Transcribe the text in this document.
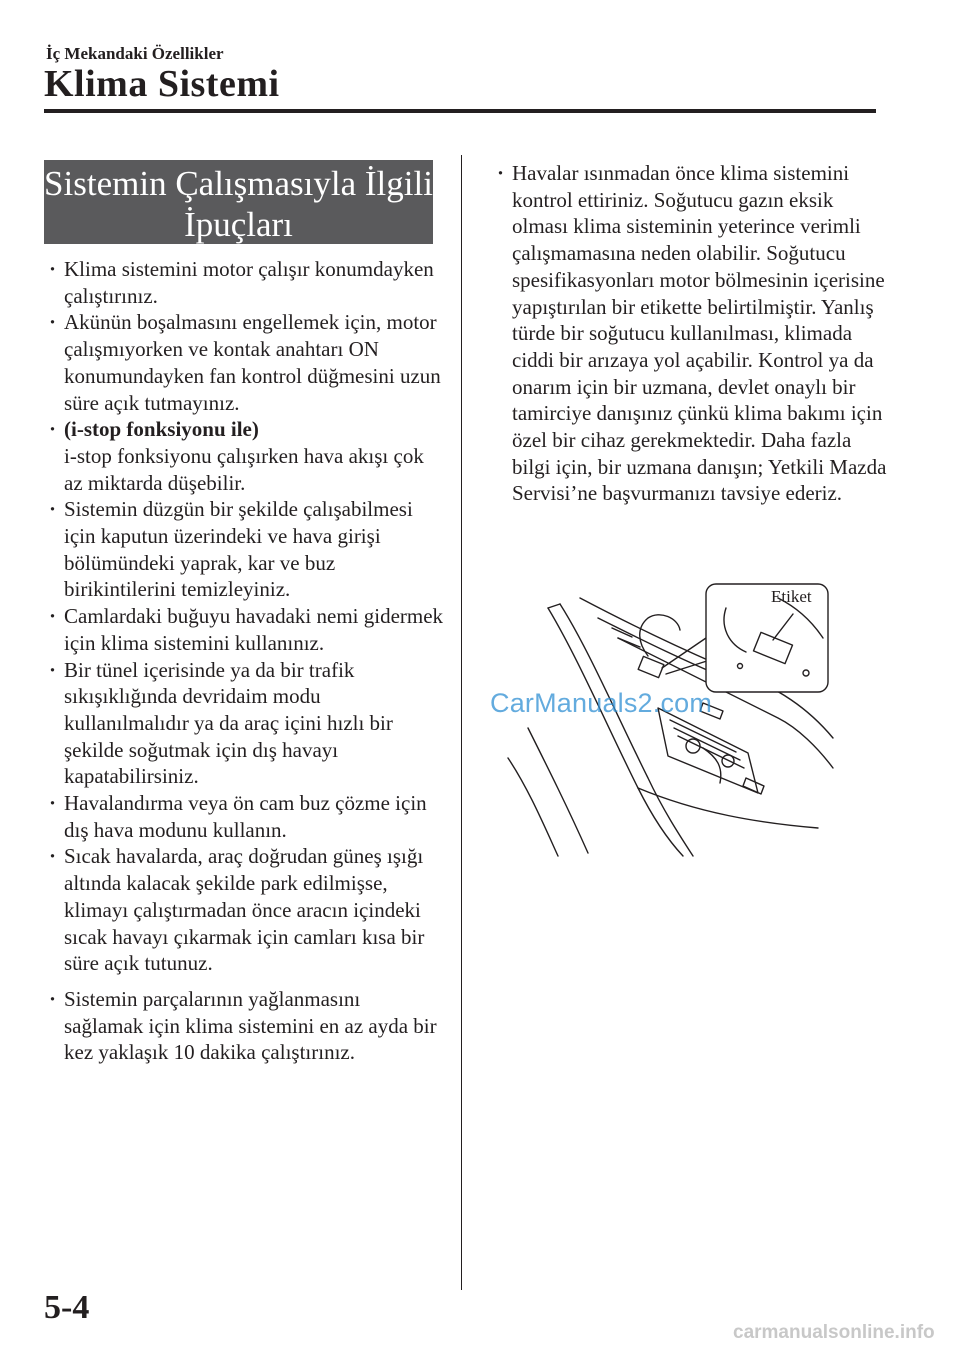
İç Mekandaki Özellikler
Klima Sistemi
Sistemin Çalışmasıyla İlgili
İpuçları
· Klima sistemini motor çalışır konumdayken çalıştırınız.
· Akünün boşalmasını engellemek için, motor çalışmıyorken ve kontak anahtarı ON konumundayken fan kontrol düğmesini uzun süre açık tutmayınız.
· (i-stop fonksiyonu ile)
i-stop fonksiyonu çalışırken hava akışı çok az miktarda düşebilir.
· Sistemin düzgün bir şekilde çalışabilmesi için kaputun üzerindeki ve hava girişi bölümündeki yaprak, kar ve buz birikintilerini temizleyiniz.
· Camlardaki buğuyu havadaki nemi gidermek için klima sistemini kullanınız.
· Bir tünel içerisinde ya da bir trafik sıkışıklığında devridaim modu kullanılmalıdır ya da araç içini hızlı bir şekilde soğutmak için dış havayı kapatabilirsiniz.
· Havalandırma veya ön cam buz çözme için dış hava modunu kullanın.
· Sıcak havalarda, araç doğrudan güneş ışığı altında kalacak şekilde park edilmişse, klimayı çalıştırmadan önce aracın içindeki sıcak havayı çıkarmak için camları kısa bir süre açık tutunuz.
· Sistemin parçalarının yağlanmasını sağlamak için klima sistemini en az ayda bir kez yaklaşık 10 dakika çalıştırınız.
· Havalar ısınmadan önce klima sistemini kontrol ettiriniz. Soğutucu gazın eksik olması klima sisteminin yeterince verimli çalışmamasına neden olabilir. Soğutucu spesifikasyonları motor bölmesinin içerisine yapıştırılan bir etikette belirtilmiştir. Yanlış türde bir soğutucu kullanılması, klimada ciddi bir arızaya yol açabilir. Kontrol ya da onarım için bir uzmana, devlet onaylı bir tamirciye danışınız çünkü klima bakımı için özel bir cihaz gerekmektedir. Daha fazla bilgi için, bir uzmana danışın; Yetkili Mazda Servisi’ne başvurmanızı tavsiye ederiz.
Etiket
CarManuals2.com
5-4
carmanualsonline.info
